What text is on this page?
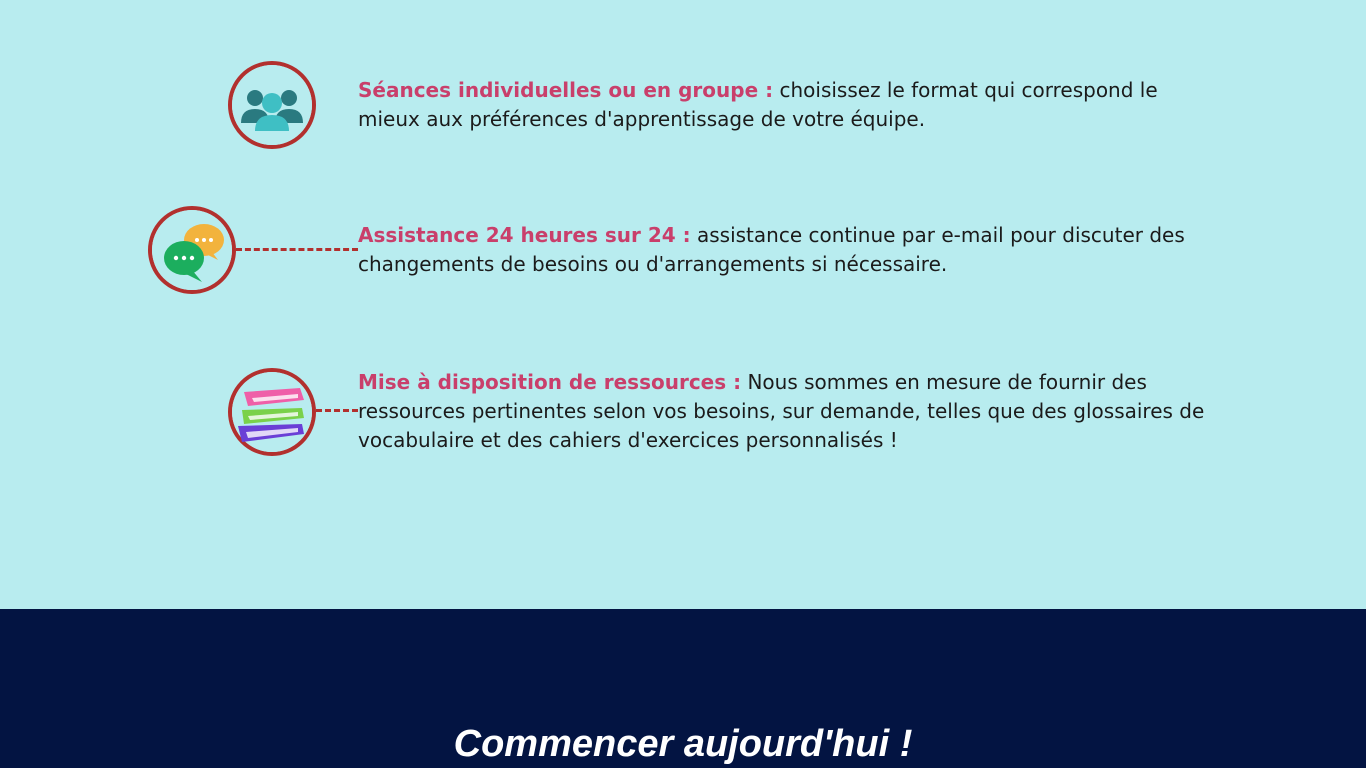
Séances individuelles ou en groupe : choisissez le format qui correspond le mieux aux préférences d'apprentissage de votre équipe.
Assistance 24 heures sur 24 : assistance continue par e-mail pour discuter des changements de besoins ou d'arrangements si nécessaire.
Mise à disposition de ressources : Nous sommes en mesure de fournir des ressources pertinentes selon vos besoins, sur demande, telles que des glossaires de vocabulaire et des cahiers d'exercices personnalisés !
Commencer aujourd'hui !
